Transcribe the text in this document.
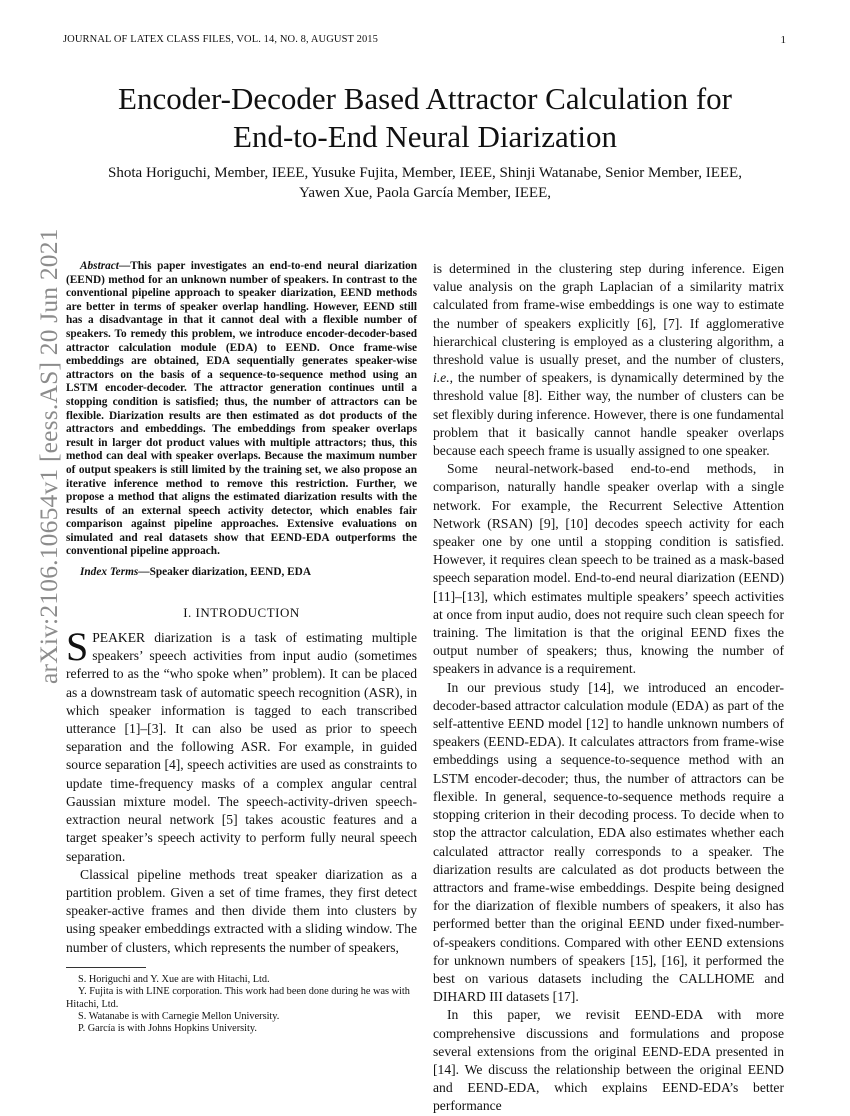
JOURNAL OF LATEX CLASS FILES, VOL. 14, NO. 8, AUGUST 2015	1
Encoder-Decoder Based Attractor Calculation for
End-to-End Neural Diarization
Shota Horiguchi, Member, IEEE, Yusuke Fujita, Member, IEEE, Shinji Watanabe, Senior Member, IEEE,
Yawen Xue, Paola García Member, IEEE,
arXiv:2106.10654v1 [eess.AS] 20 Jun 2021	Abstract—This paper investigates an end-to-end neural diarization (EEND) method for an unknown number of speakers. In contrast to the conventional pipeline approach to speaker diarization, EEND methods are better in terms of speaker overlap handling. However, EEND still has a disadvantage in that it cannot deal with a flexible number of speakers. To remedy this problem, we introduce encoder-decoder-based attractor calculation module (EDA) to EEND. Once frame-wise embeddings are obtained, EDA sequentially generates speaker-wise attractors on the basis of a sequence-to-sequence method using an LSTM encoder-decoder. The attractor generation continues until a stopping condition is satisfied; thus, the number of attractors can be flexible. Diarization results are then estimated as dot products of the attractors and embeddings. The embeddings from speaker overlaps result in larger dot product values with multiple attractors; thus, this method can deal with speaker overlaps. Because the maximum number of output speakers is still limited by the training set, we also propose an iterative inference method to remove this restriction. Further, we propose a method that aligns the estimated diarization results with the results of an external speech activity detector, which enables fair comparison against pipeline approaches. Extensive evaluations on simulated and real datasets show that EEND-EDA outperforms the conventional pipeline approach.

Index Terms—Speaker diarization, EEND, EDA

I. INTRODUCTION

SPEAKER diarization is a task of estimating multiple speakers’ speech activities from input audio (sometimes referred to as the “who spoke when” problem). It can be placed as a downstream task of automatic speech recognition (ASR), in which speaker information is tagged to each transcribed utterance [1]–[3]. It can also be used as prior to speech separation and the following ASR. For example, in guided source separation [4], speech activities are used as constraints to update time-frequency masks of a complex angular central Gaussian mixture model. The speech-activity-driven speech-extraction neural network [5] takes acoustic features and a target speaker’s speech activity to perform fully neural speech separation.

Classical pipeline methods treat speaker diarization as a partition problem. Given a set of time frames, they first detect speaker-active frames and then divide them into clusters by using speaker embeddings extracted with a sliding window. The number of clusters, which represents the number of speakers,

S. Horiguchi and Y. Xue are with Hitachi, Ltd.

Y. Fujita is with LINE corporation. This work had been done during he was with Hitachi, Ltd.

S. Watanabe is with Carnegie Mellon University.

P. García is with Johns Hopkins University.

is determined in the clustering step during inference. Eigen value analysis on the graph Laplacian of a similarity matrix calculated from frame-wise embeddings is one way to estimate the number of speakers explicitly [6], [7]. If agglomerative hierarchical clustering is employed as a clustering algorithm, a threshold value is usually preset, and the number of clusters, i.e., the number of speakers, is dynamically determined by the threshold value [8]. Either way, the number of clusters can be set flexibly during inference. However, there is one fundamental problem that it basically cannot handle speaker overlaps because each speech frame is usually assigned to one speaker.

Some neural-network-based end-to-end methods, in comparison, naturally handle speaker overlap with a single network. For example, the Recurrent Selective Attention Network (RSAN) [9], [10] decodes speech activity for each speaker one by one until a stopping condition is satisfied. However, it requires clean speech to be trained as a mask-based speech separation model. End-to-end neural diarization (EEND) [11]–[13], which estimates multiple speakers’ speech activities at once from input audio, does not require such clean speech for training. The limitation is that the original EEND fixes the output number of speakers; thus, knowing the number of speakers in advance is a requirement.

In our previous study [14], we introduced an encoder-decoder-based attractor calculation module (EDA) as part of the self-attentive EEND model [12] to handle unknown numbers of speakers (EEND-EDA). It calculates attractors from frame-wise embeddings using a sequence-to-sequence method with an LSTM encoder-decoder; thus, the number of attractors can be flexible. In general, sequence-to-sequence methods require a stopping criterion in their decoding process. To decide when to stop the attractor calculation, EDA also estimates whether each calculated attractor really corresponds to a speaker. The diarization results are calculated as dot products between the attractors and frame-wise embeddings. Despite being designed for the diarization of flexible numbers of speakers, it also has performed better than the original EEND under fixed-number-of-speakers conditions. Compared with other EEND extensions for unknown numbers of speakers [15], [16], it performed the best on various datasets including the CALLHOME and DIHARD III datasets [17].

In this paper, we revisit EEND-EDA with more comprehensive discussions and formulations and propose several extensions from the original EEND-EDA presented in [14]. We discuss the relationship between the original EEND and EEND-EDA, which explains EEND-EDA’s better performance
